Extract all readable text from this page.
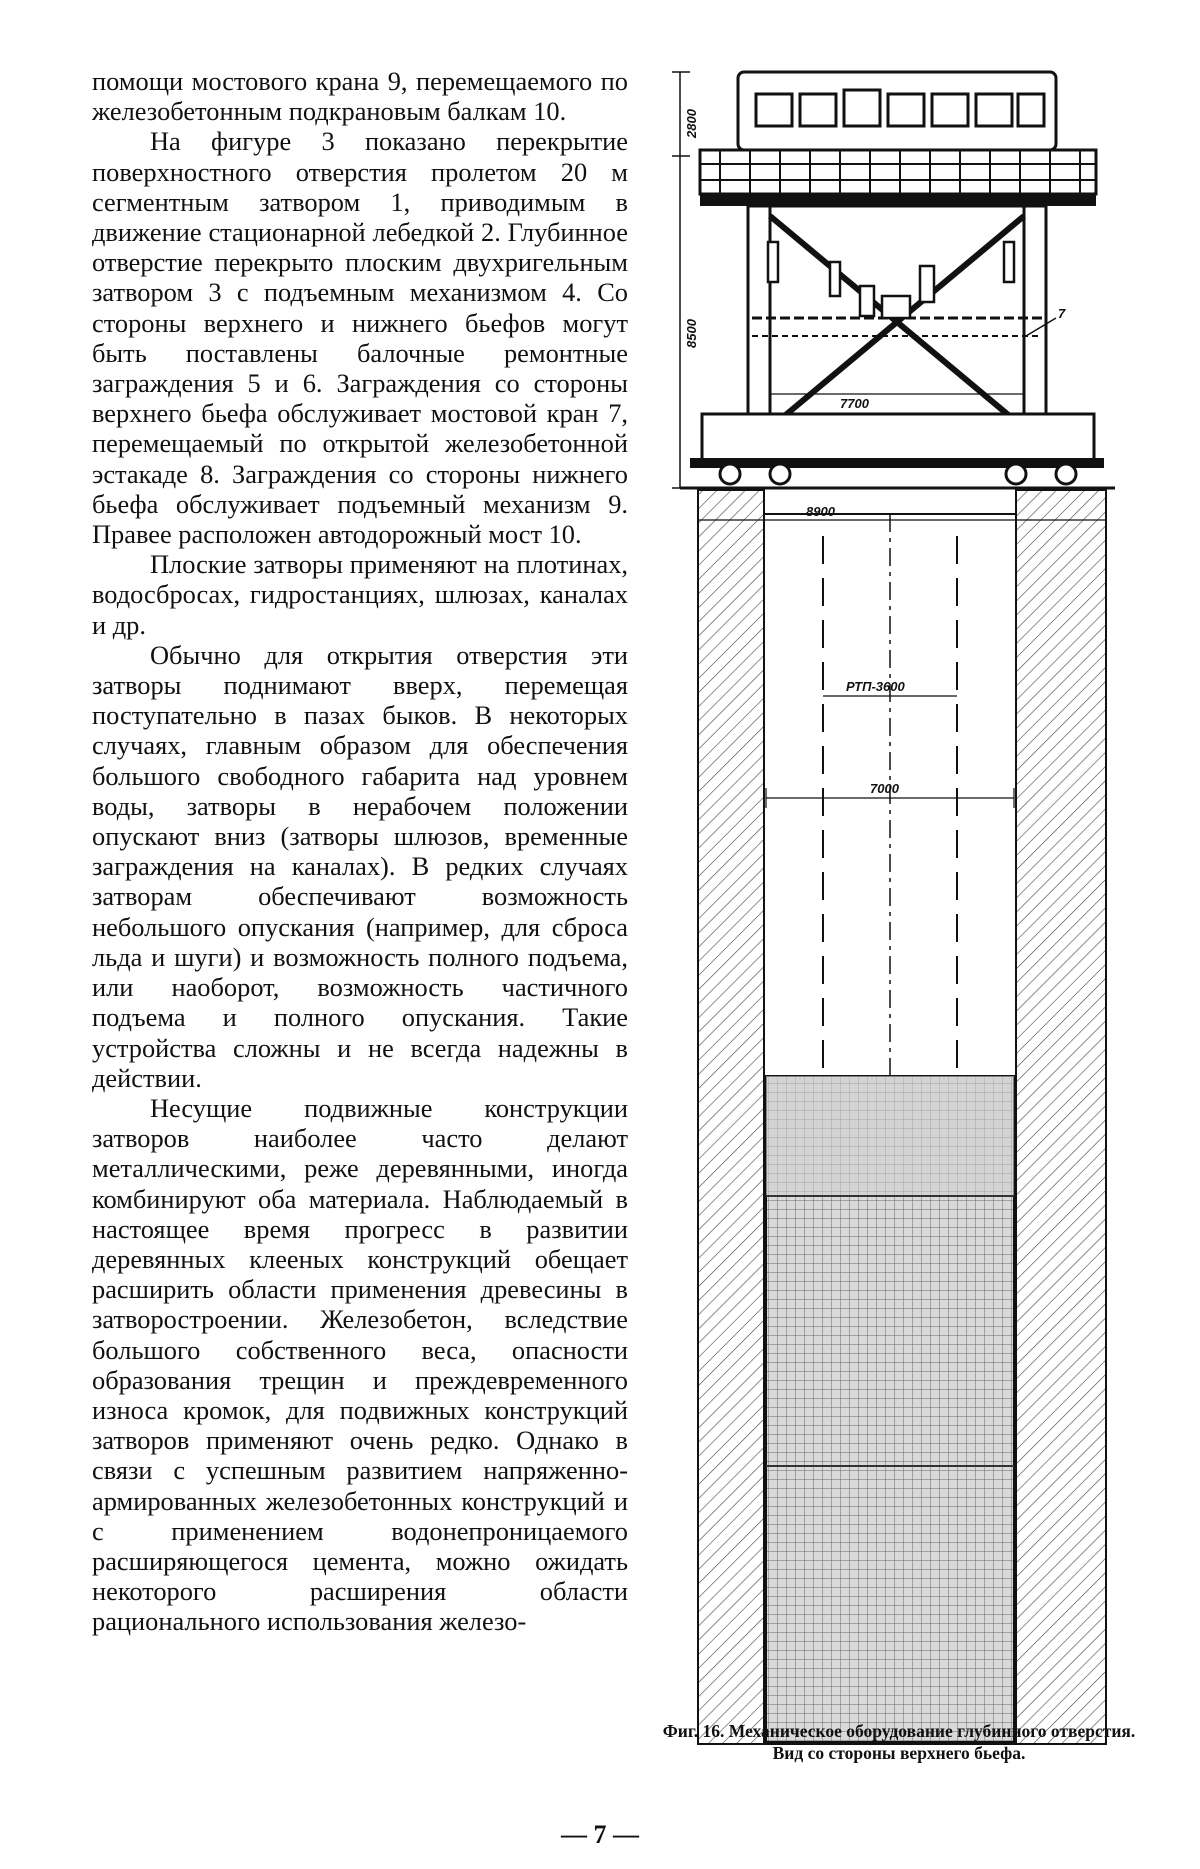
помощи мостового крана 9, перемещаемого по железобетонным подкрановым балкам 10.

На фигуре 3 показано перекрытие поверхностного отверстия пролетом 20 м сегментным затвором 1, приводимым в движение стационарной лебедкой 2. Глубинное отверстие перекрыто плоским двухригельным затвором 3 с подъемным механизмом 4. Со стороны верхнего и нижнего бьефов могут быть поставлены балочные ремонтные заграждения 5 и 6. Заграждения со стороны верхнего бьефа обслуживает мостовой кран 7, перемещаемый по открытой железобетонной эстакаде 8. Заграждения со стороны нижнего бьефа обслуживает подъемный механизм 9. Правее расположен автодорожный мост 10.

Плоские затворы применяют на плотинах, водосбросах, гидростанциях, шлюзах, каналах и др.

Обычно для открытия отверстия эти затворы поднимают вверх, перемещая поступательно в пазах быков. В некоторых случаях, главным образом для обеспечения большого свободного габарита над уровнем воды, затворы в нерабочем положении опускают вниз (затворы шлюзов, временные заграждения на каналах). В редких случаях затворам обеспечивают возможность небольшого опускания (например, для сброса льда и шуги) и возможность полного подъема, или наоборот, возможность частичного подъема и полного опускания. Такие устройства сложны и не всегда надежны в действии.

Несущие подвижные конструкции затворов наиболее часто делают металлическими, реже деревянными, иногда комбинируют оба материала. Наблюдаемый в настоящее время прогресс в развитии деревянных клееных конструкций обещает расширить области применения древесины в затворостроении. Железобетон, вследствие большого собственного веса, опасности образования трещин и преждевременного износа кромок, для подвижных конструкций затворов применяют очень редко. Однако в связи с успешным развитием напряженно-армированных железобетонных конструкций и с применением водонепроницаемого расширяющегося цемента, можно ожидать некоторого расширения области рационального использования железо-

8900
РТП-3600
7000
2800
8500
7700
7
Фиг. 16. Механическое оборудование глубинного отверстия. Вид со стороны верхнего бьефа.
— 7 —
